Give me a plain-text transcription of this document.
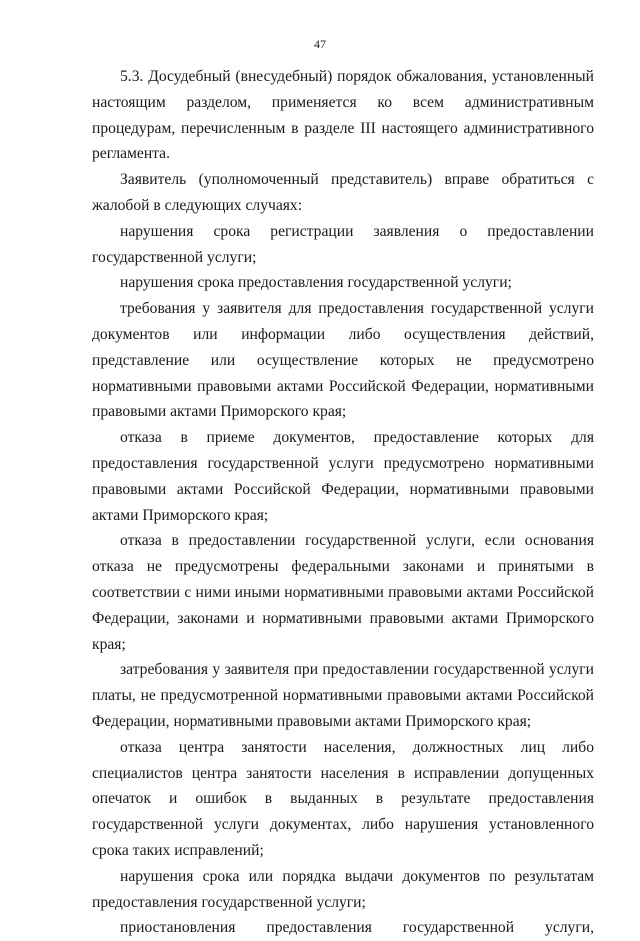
47

5.3. Досудебный (внесудебный) порядок обжалования, установленный настоящим разделом, применяется ко всем административным процедурам, перечисленным в разделе III настоящего административного регламента.

Заявитель (уполномоченный представитель) вправе обратиться с жалобой в следующих случаях:

нарушения срока регистрации заявления о предоставлении государственной услуги;

нарушения срока предоставления государственной услуги;

требования у заявителя для предоставления государственной услуги документов или информации либо осуществления действий, представление или осуществление которых не предусмотрено нормативными правовыми актами Российской Федерации, нормативными правовыми актами Приморского края;

отказа в приеме документов, предоставление которых для предоставления государственной услуги предусмотрено нормативными правовыми актами Российской Федерации, нормативными правовыми актами Приморского края;

отказа в предоставлении государственной услуги, если основания отказа не предусмотрены федеральными законами и принятыми в соответствии с ними иными нормативными правовыми актами Российской Федерации, законами и нормативными правовыми актами Приморского края;

затребования у заявителя при предоставлении государственной услуги платы, не предусмотренной нормативными правовыми актами Российской Федерации, нормативными правовыми актами Приморского края;

отказа центра занятости населения, должностных лиц либо специалистов центра занятости населения в исправлении допущенных опечаток и ошибок в выданных в результате предоставления государственной услуги документах, либо нарушения установленного срока таких исправлений;

нарушения срока или порядка выдачи документов по результатам предоставления государственной услуги;

приостановления предоставления государственной услуги,
